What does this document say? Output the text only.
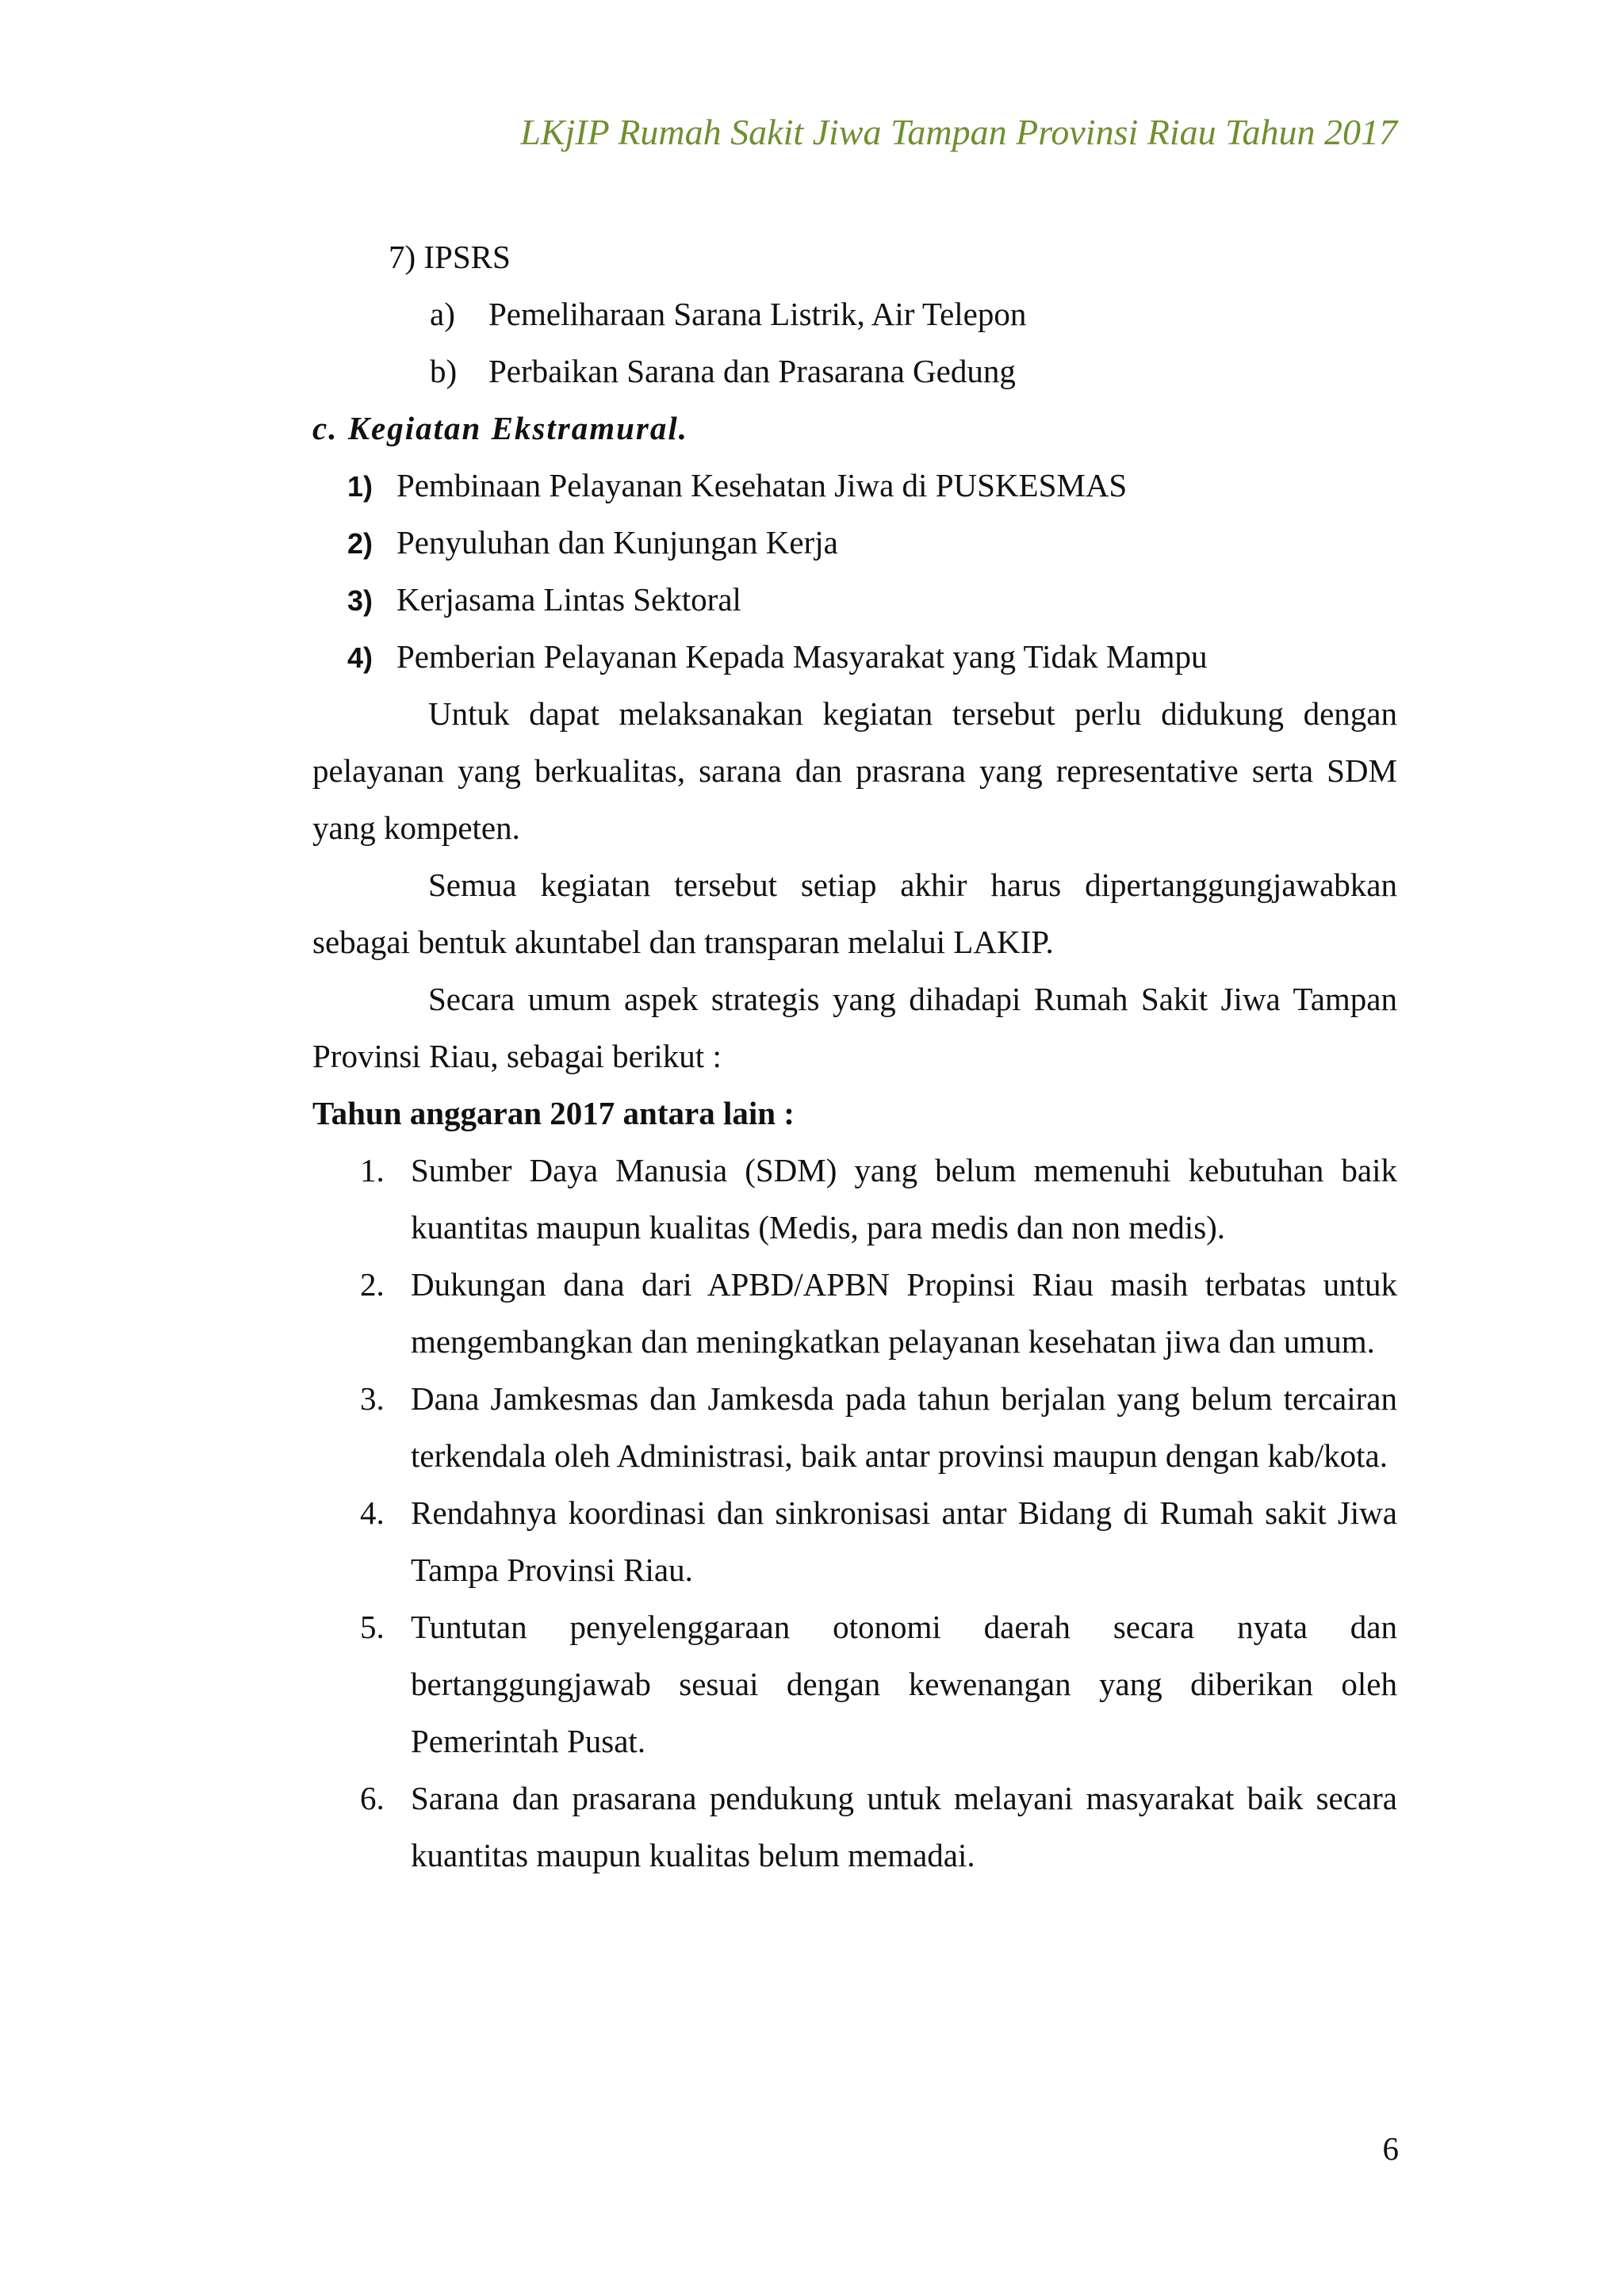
LKjIP Rumah Sakit Jiwa Tampan Provinsi Riau Tahun 2017
7) IPSRS
a) Pemeliharaan Sarana Listrik, Air Telepon
b) Perbaikan Sarana dan Prasarana Gedung
c. Kegiatan Ekstramural.
1) Pembinaan Pelayanan Kesehatan Jiwa di PUSKESMAS
2) Penyuluhan dan Kunjungan Kerja
3) Kerjasama Lintas Sektoral
4) Pemberian Pelayanan Kepada Masyarakat yang Tidak Mampu
Untuk dapat melaksanakan kegiatan tersebut perlu didukung dengan pelayanan yang berkualitas, sarana dan prasrana yang representative serta SDM yang kompeten.
Semua kegiatan tersebut setiap akhir harus dipertanggungjawabkan sebagai bentuk akuntabel dan transparan melalui LAKIP.
Secara umum aspek strategis yang dihadapi Rumah Sakit Jiwa Tampan Provinsi Riau, sebagai berikut :
Tahun anggaran 2017 antara lain :
1. Sumber Daya Manusia (SDM) yang belum memenuhi kebutuhan baik kuantitas maupun kualitas (Medis, para medis dan non medis).
2. Dukungan dana dari APBD/APBN Propinsi Riau masih terbatas untuk mengembangkan dan meningkatkan pelayanan kesehatan jiwa dan umum.
3. Dana Jamkesmas dan Jamkesda pada tahun berjalan yang belum tercairan terkendala oleh Administrasi, baik antar provinsi maupun dengan kab/kota.
4. Rendahnya koordinasi dan sinkronisasi antar Bidang di Rumah sakit Jiwa Tampa Provinsi Riau.
5. Tuntutan penyelenggaraan otonomi daerah secara nyata dan bertanggungjawab sesuai dengan kewenangan yang diberikan oleh Pemerintah Pusat.
6. Sarana dan prasarana pendukung untuk melayani masyarakat baik secara kuantitas maupun kualitas belum memadai.
6
